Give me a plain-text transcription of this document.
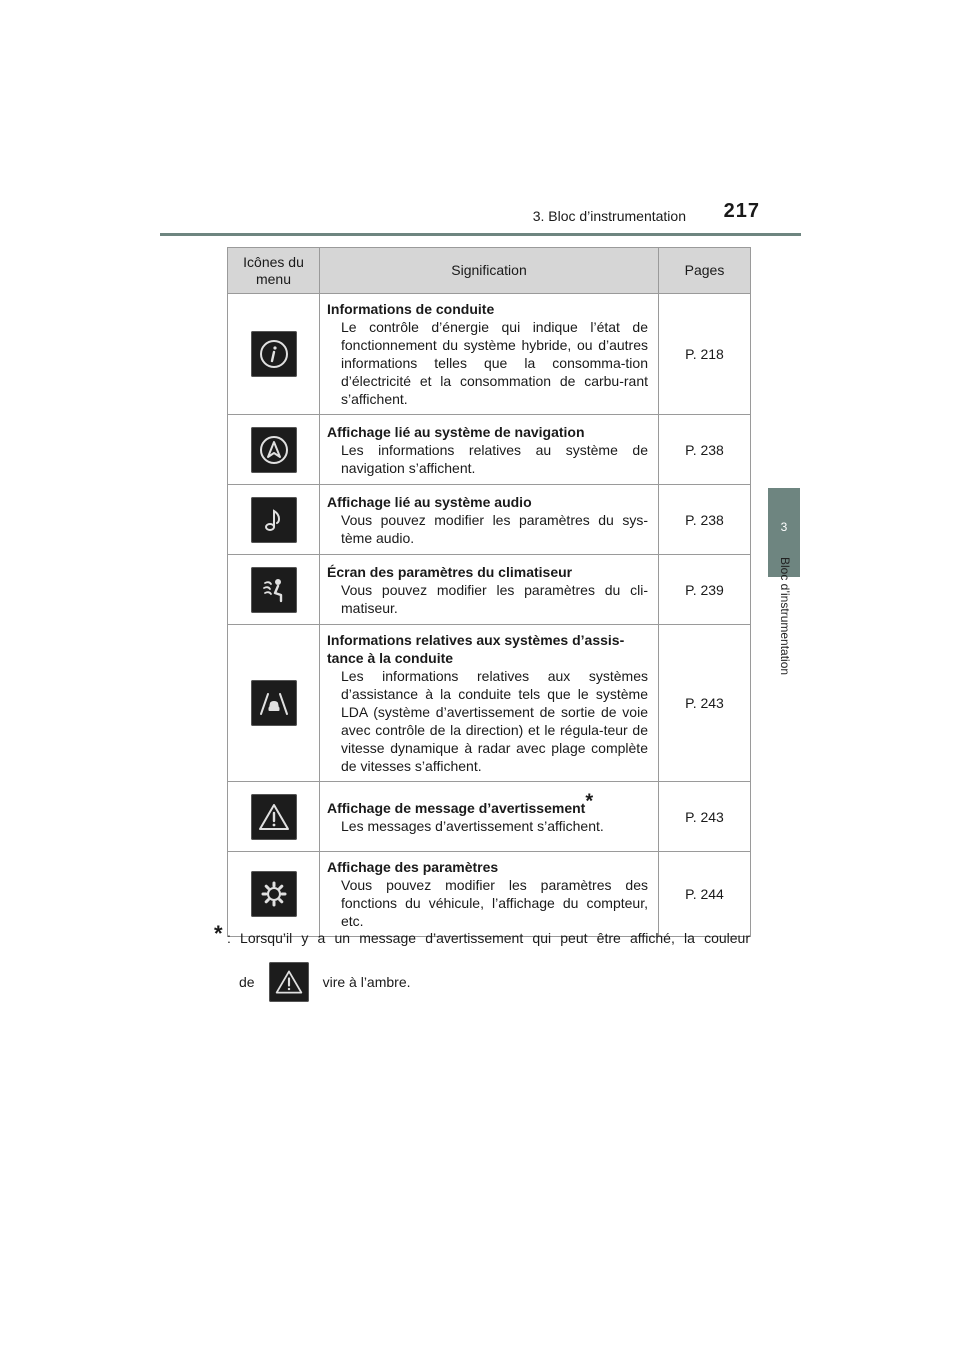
3. Bloc d’instrumentation	217
3
Bloc d’instrumentation
Icônes du menu	Signification	Pages

Informations de conduite
Le contrôle d’énergie qui indique l’état de fonctionnement du système hybride, ou d’autres informations telles que la consomma-tion d’électricité et la consommation de carbu-rant s’affichent.	P. 218

Affichage lié au système de navigation
Les informations relatives au système de navigation s’affichent.	P. 238

Affichage lié au système audio
Vous pouvez modifier les paramètres du sys-tème audio.	P. 238

Écran des paramètres du climatiseur
Vous pouvez modifier les paramètres du cli-matiseur.	P. 239

Informations relatives aux systèmes d’assis-tance à la conduite
Les informations relatives aux systèmes d’assistance à la conduite tels que le système LDA (système d’avertissement de sortie de voie avec contrôle de la direction) et le régula-teur de vitesse dynamique à radar avec plage complète de vitesses s’affichent.	P. 243

Affichage de message d’avertissement*
Les messages d’avertissement s’affichent.	P. 243

Affichage des paramètres
Vous pouvez modifier les paramètres des fonctions du véhicule, l’affichage du compteur, etc.	P. 244
* : Lorsqu’il y a un message d’avertissement qui peut être affiché, la couleur
de	vire à l’ambre.
